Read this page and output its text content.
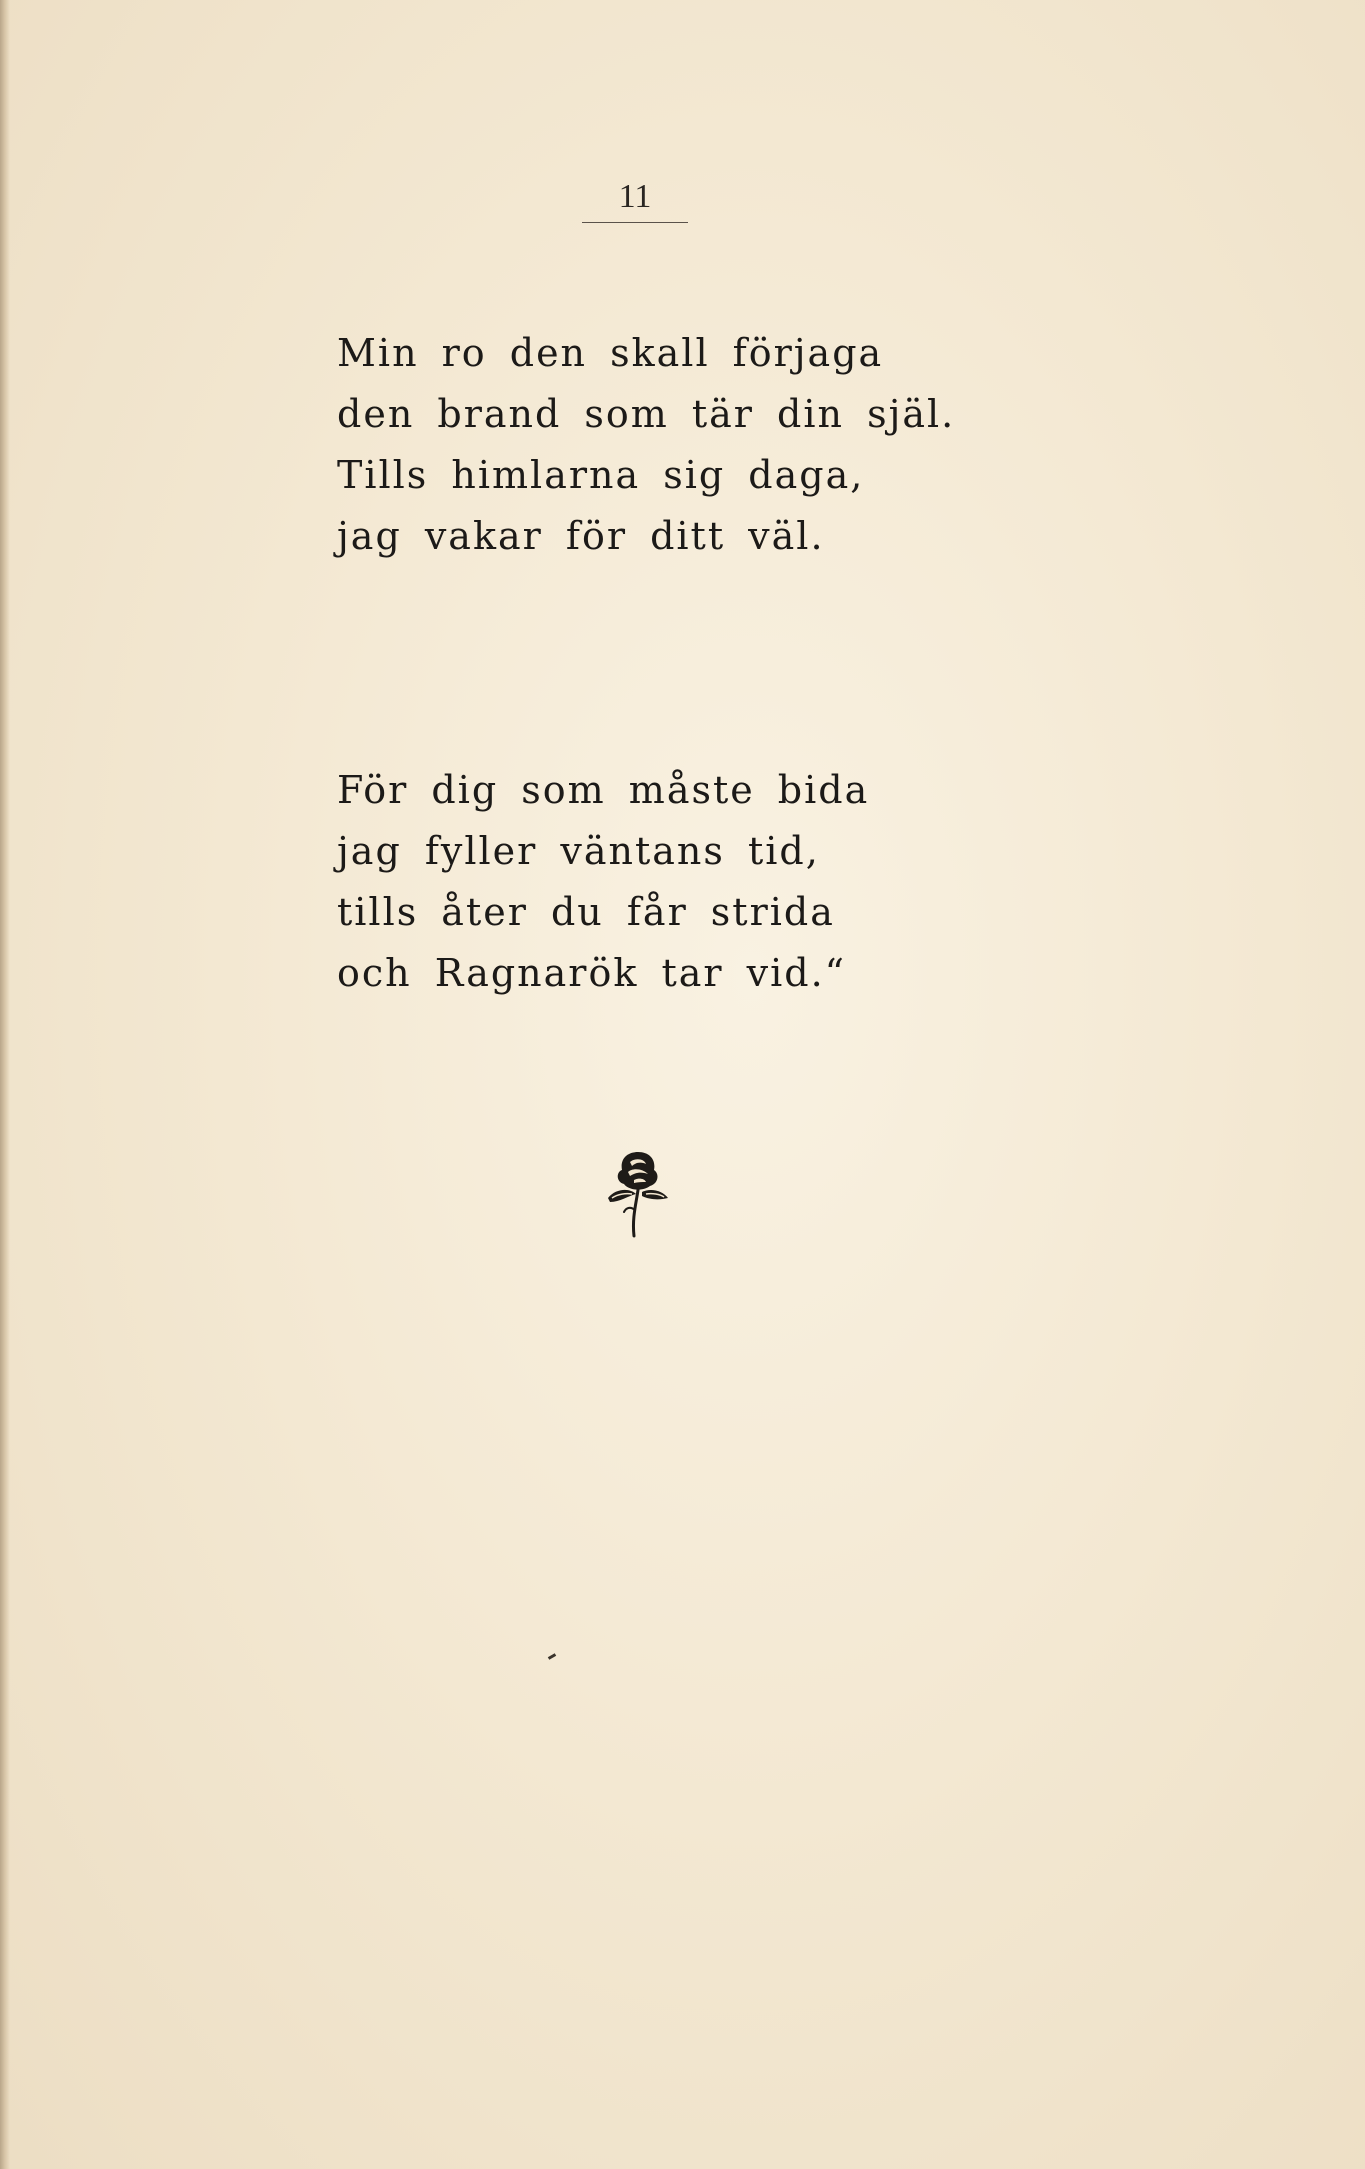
11
Min ro den skall förjaga
den brand som tär din själ.
Tills himlarna sig daga,
jag vakar för ditt väl.
För dig som måste bida
jag fyller väntans tid,
tills åter du får strida
och Ragnarök tar vid.“
